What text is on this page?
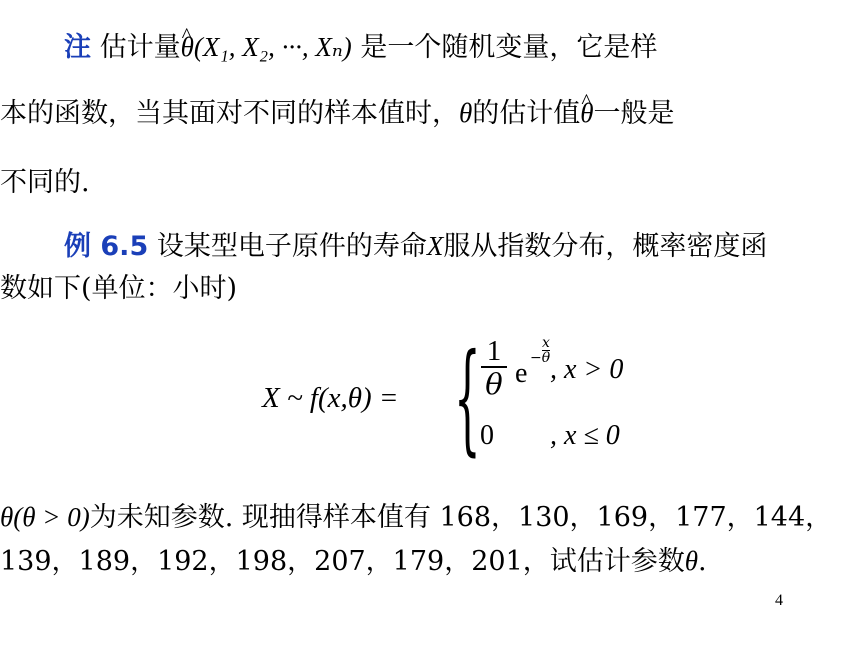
注 估计量^ θ(X₁, X₂, ···, Xₙ) 是一个随机变量，它是样
本的函数，当其面对不同的样本值时，θ的估计值^ θ一般是
不同的.
例 6.5 设某型电子原件的寿命X服从指数分布，概率密度函
数如下(单位：小时)
X ~ f(x,θ) = { 1
θ $e -\frac{x}{\theta}$
, x > 0
0 , x ≤ 0
θ(θ > 0)为未知参数. 现抽得样本值有 168，130，169，177，144，
139，189，192，198，207，179，201，试估计参数θ.
4
